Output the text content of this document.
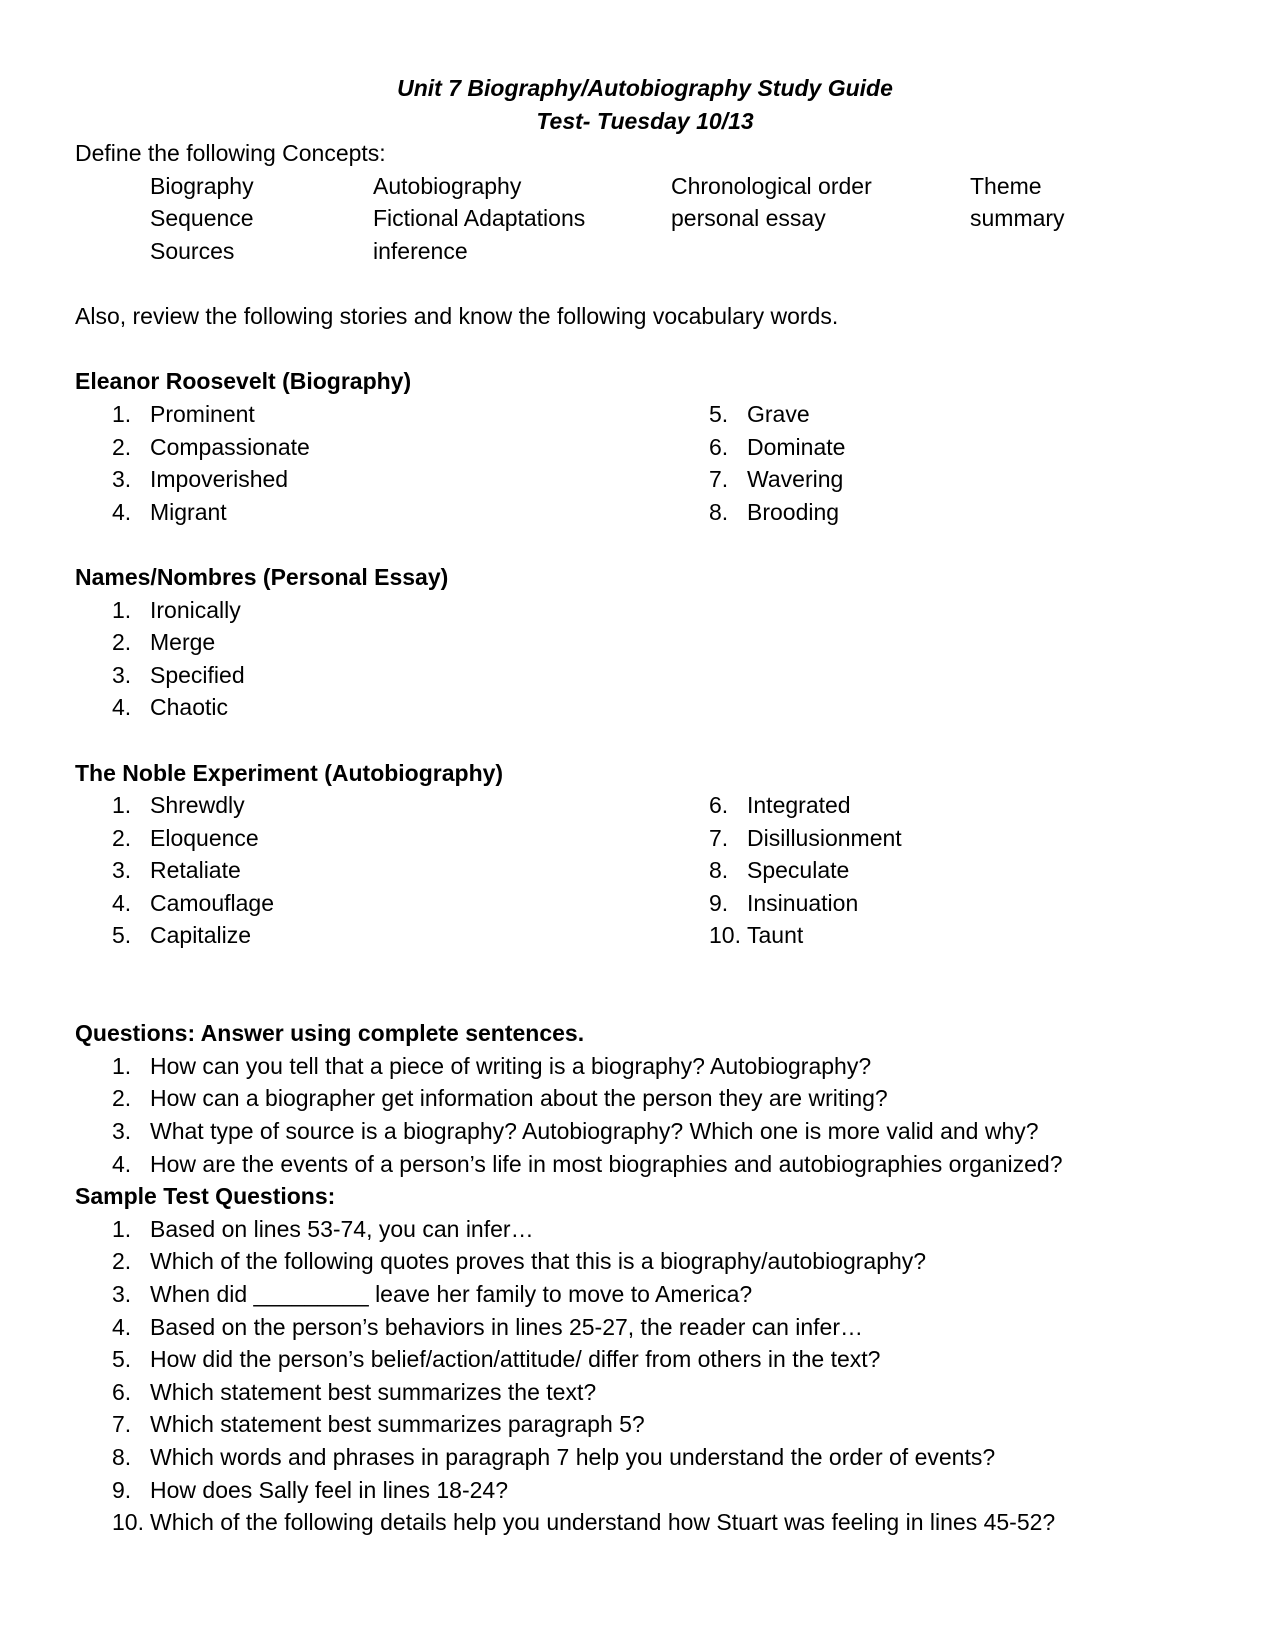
Unit 7 Biography/Autobiography Study Guide

Test- Tuesday 10/13

Define the following Concepts:

Biography	Autobiography	Chronological order	Theme
Sequence	Fictional Adaptations	personal essay	summary
Sources	inference

Also, review the following stories and know the following vocabulary words.

Eleanor Roosevelt (Biography)

1. Prominent

2. Compassionate

3. Impoverished

4. Migrant

5. Grave

6. Dominate

7. Wavering

8. Brooding

Names/Nombres (Personal Essay)

1. Ironically

2. Merge

3. Specified

4. Chaotic

The Noble Experiment (Autobiography)

1. Shrewdly

2. Eloquence

3. Retaliate

4. Camouflage

5. Capitalize

6. Integrated

7. Disillusionment

8. Speculate

9. Insinuation

10. Taunt

Questions: Answer using complete sentences.

1. How can you tell that a piece of writing is a biography? Autobiography?

2. How can a biographer get information about the person they are writing?

3. What type of source is a biography? Autobiography? Which one is more valid and why?

4. How are the events of a person’s life in most biographies and autobiographies organized?

Sample Test Questions:

1. Based on lines 53-74, you can infer…

2. Which of the following quotes proves that this is a biography/autobiography?

3. When did _________ leave her family to move to America?

4. Based on the person’s behaviors in lines 25-27, the reader can infer…

5. How did the person’s belief/action/attitude/ differ from others in the text?

6. Which statement best summarizes the text?

7. Which statement best summarizes paragraph 5?

8. Which words and phrases in paragraph 7 help you understand the order of events?

9. How does Sally feel in lines 18-24?

10. Which of the following details help you understand how Stuart was feeling in lines 45-52?
